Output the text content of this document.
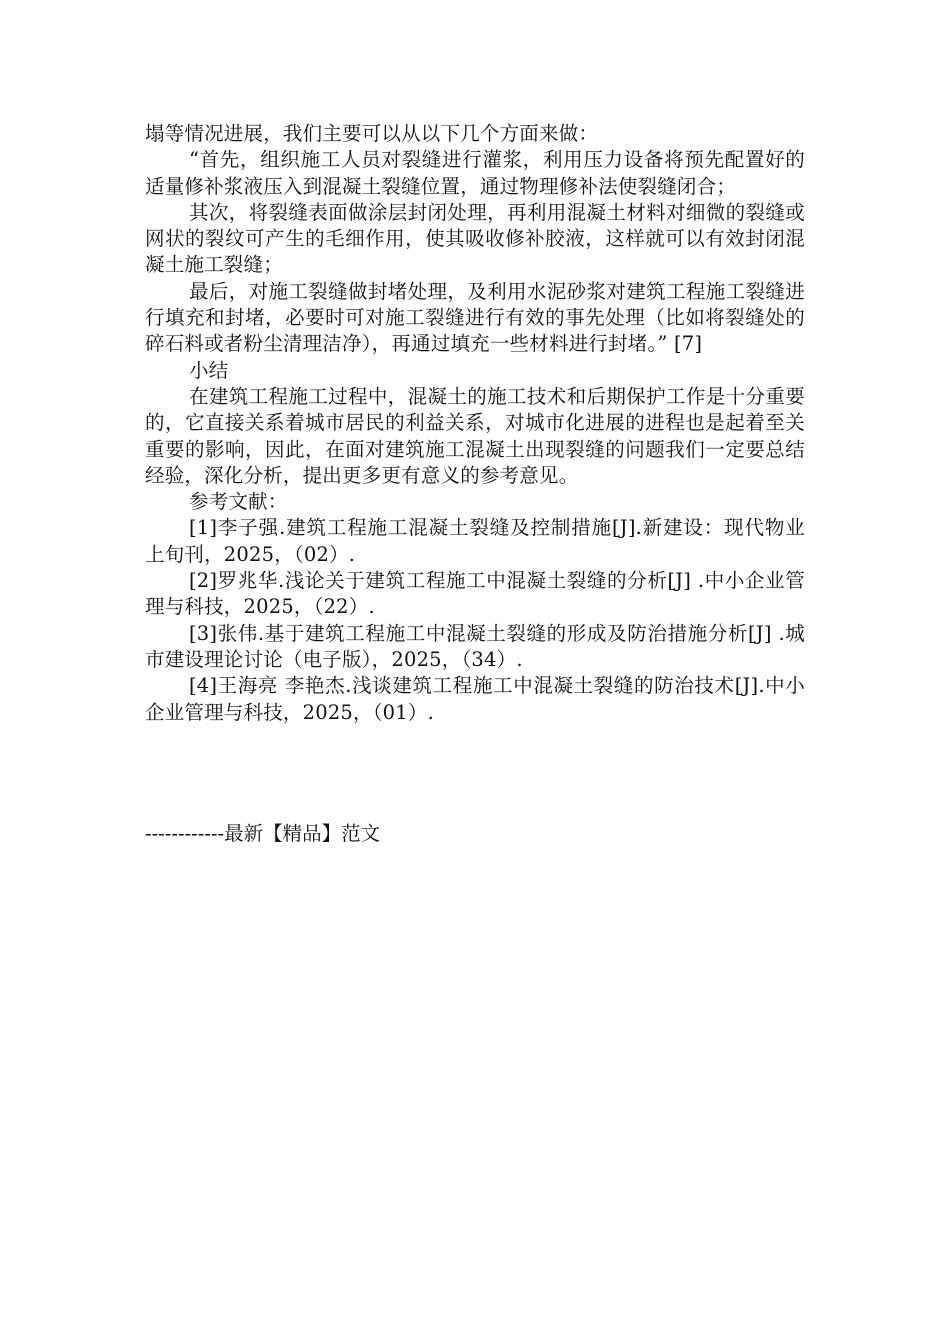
塌等情况进展，我们主要可以从以下几个方面来做：

“首先，组织施工人员对裂缝进行灌浆，利用压力设备将预先配置好的适量修补浆液压入到混凝土裂缝位置，通过物理修补法使裂缝闭合；

其次，将裂缝表面做涂层封闭处理，再利用混凝土材料对细微的裂缝或网状的裂纹可产生的毛细作用，使其吸收修补胶液，这样就可以有效封闭混凝土施工裂缝；

最后，对施工裂缝做封堵处理，及利用水泥砂浆对建筑工程施工裂缝进行填充和封堵，必要时可对施工裂缝进行有效的事先处理（比如将裂缝处的碎石料或者粉尘清理洁净），再通过填充一些材料进行封堵。” [7]

小结

在建筑工程施工过程中，混凝土的施工技术和后期保护工作是十分重要的，它直接关系着城市居民的利益关系，对城市化进展的进程也是起着至关重要的影响，因此，在面对建筑施工混凝土出现裂缝的问题我们一定要总结经验，深化分析，提出更多更有意义的参考意见。

参考文献：

[1]李子强.建筑工程施工混凝土裂缝及控制措施[J].新建设：现代物业上旬刊，2025，（02）.

[2]罗兆华.浅论关于建筑工程施工中混凝土裂缝的分析[J] .中小企业管理与科技，2025，（22）.

[3]张伟.基于建筑工程施工中混凝土裂缝的形成及防治措施分析[J] .城市建设理论讨论（电子版），2025，（34）.

[4]王海亮 李艳杰.浅谈建筑工程施工中混凝土裂缝的防治技术[J].中小企业管理与科技，2025，（01）.

------------最新【精品】范文
